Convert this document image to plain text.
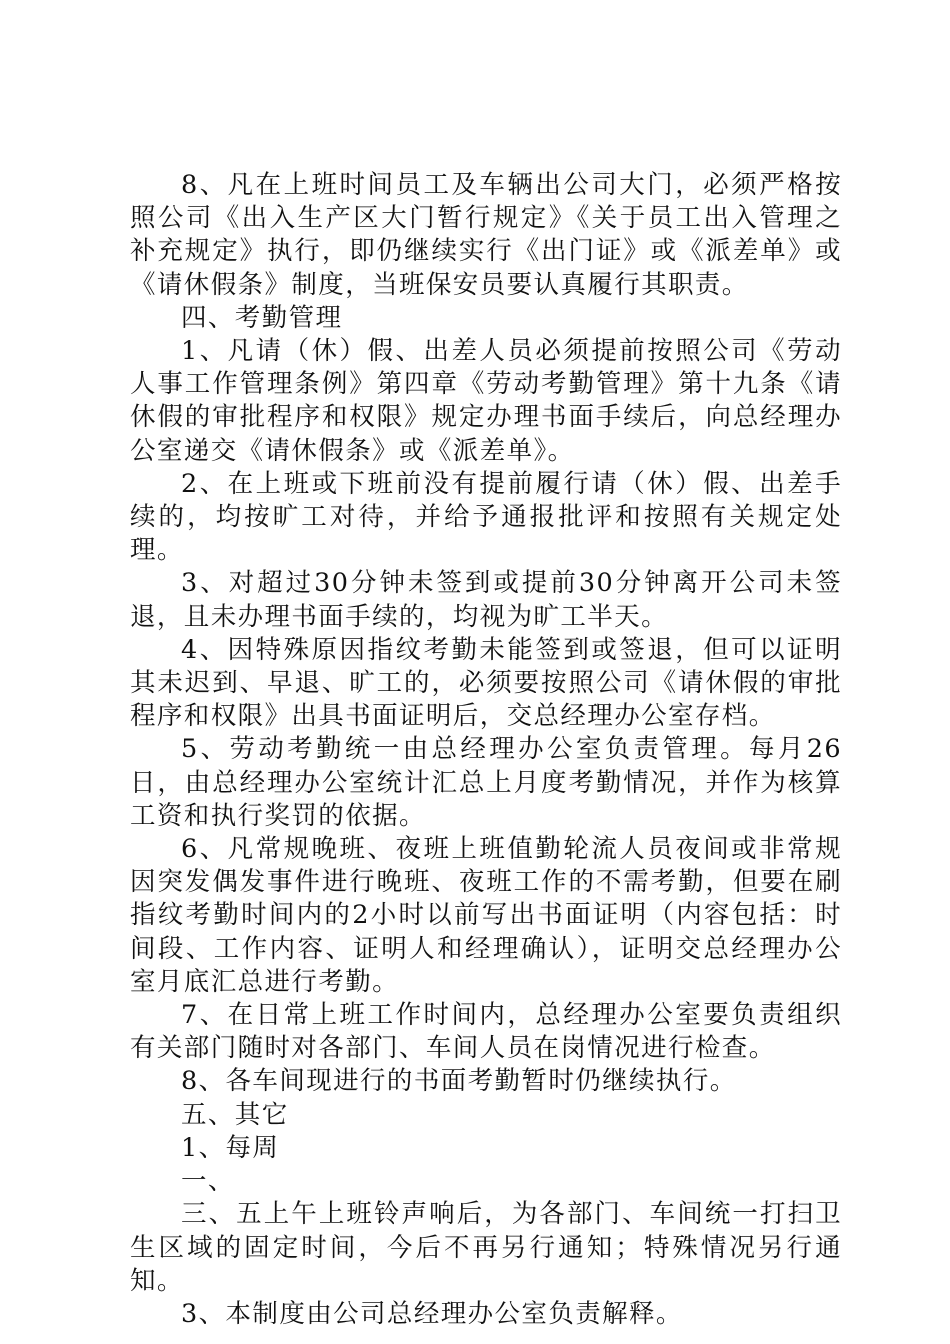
8、凡在上班时间员工及车辆出公司大门，必须严格按照公司《出入生产区大门暂行规定》《关于员工出入管理之补充规定》执行，即仍继续实行《出门证》或《派差单》或《请休假条》制度，当班保安员要认真履行其职责。

四、考勤管理

1、凡请（休）假、出差人员必须提前按照公司《劳动人事工作管理条例》第四章《劳动考勤管理》第十九条《请休假的审批程序和权限》规定办理书面手续后，向总经理办公室递交《请休假条》或《派差单》。

2、在上班或下班前没有提前履行请（休）假、出差手续的，均按旷工对待，并给予通报批评和按照有关规定处理。

3、对超过30分钟未签到或提前30分钟离开公司未签退，且未办理书面手续的，均视为旷工半天。

4、因特殊原因指纹考勤未能签到或签退，但可以证明其未迟到、早退、旷工的，必须要按照公司《请休假的审批程序和权限》出具书面证明后，交总经理办公室存档。

5、劳动考勤统一由总经理办公室负责管理。每月26日，由总经理办公室统计汇总上月度考勤情况，并作为核算工资和执行奖罚的依据。

6、凡常规晚班、夜班上班值勤轮流人员夜间或非常规因突发偶发事件进行晚班、夜班工作的不需考勤，但要在刷指纹考勤时间内的2小时以前写出书面证明（内容包括：时间段、工作内容、证明人和经理确认），证明交总经理办公室月底汇总进行考勤。

7、在日常上班工作时间内，总经理办公室要负责组织有关部门随时对各部门、车间人员在岗情况进行检查。

8、各车间现进行的书面考勤暂时仍继续执行。

五、其它

1、每周

一、

三、五上午上班铃声响后，为各部门、车间统一打扫卫生区域的固定时间，今后不再另行通知；特殊情况另行通知。

3、本制度由公司总经理办公室负责解释。
